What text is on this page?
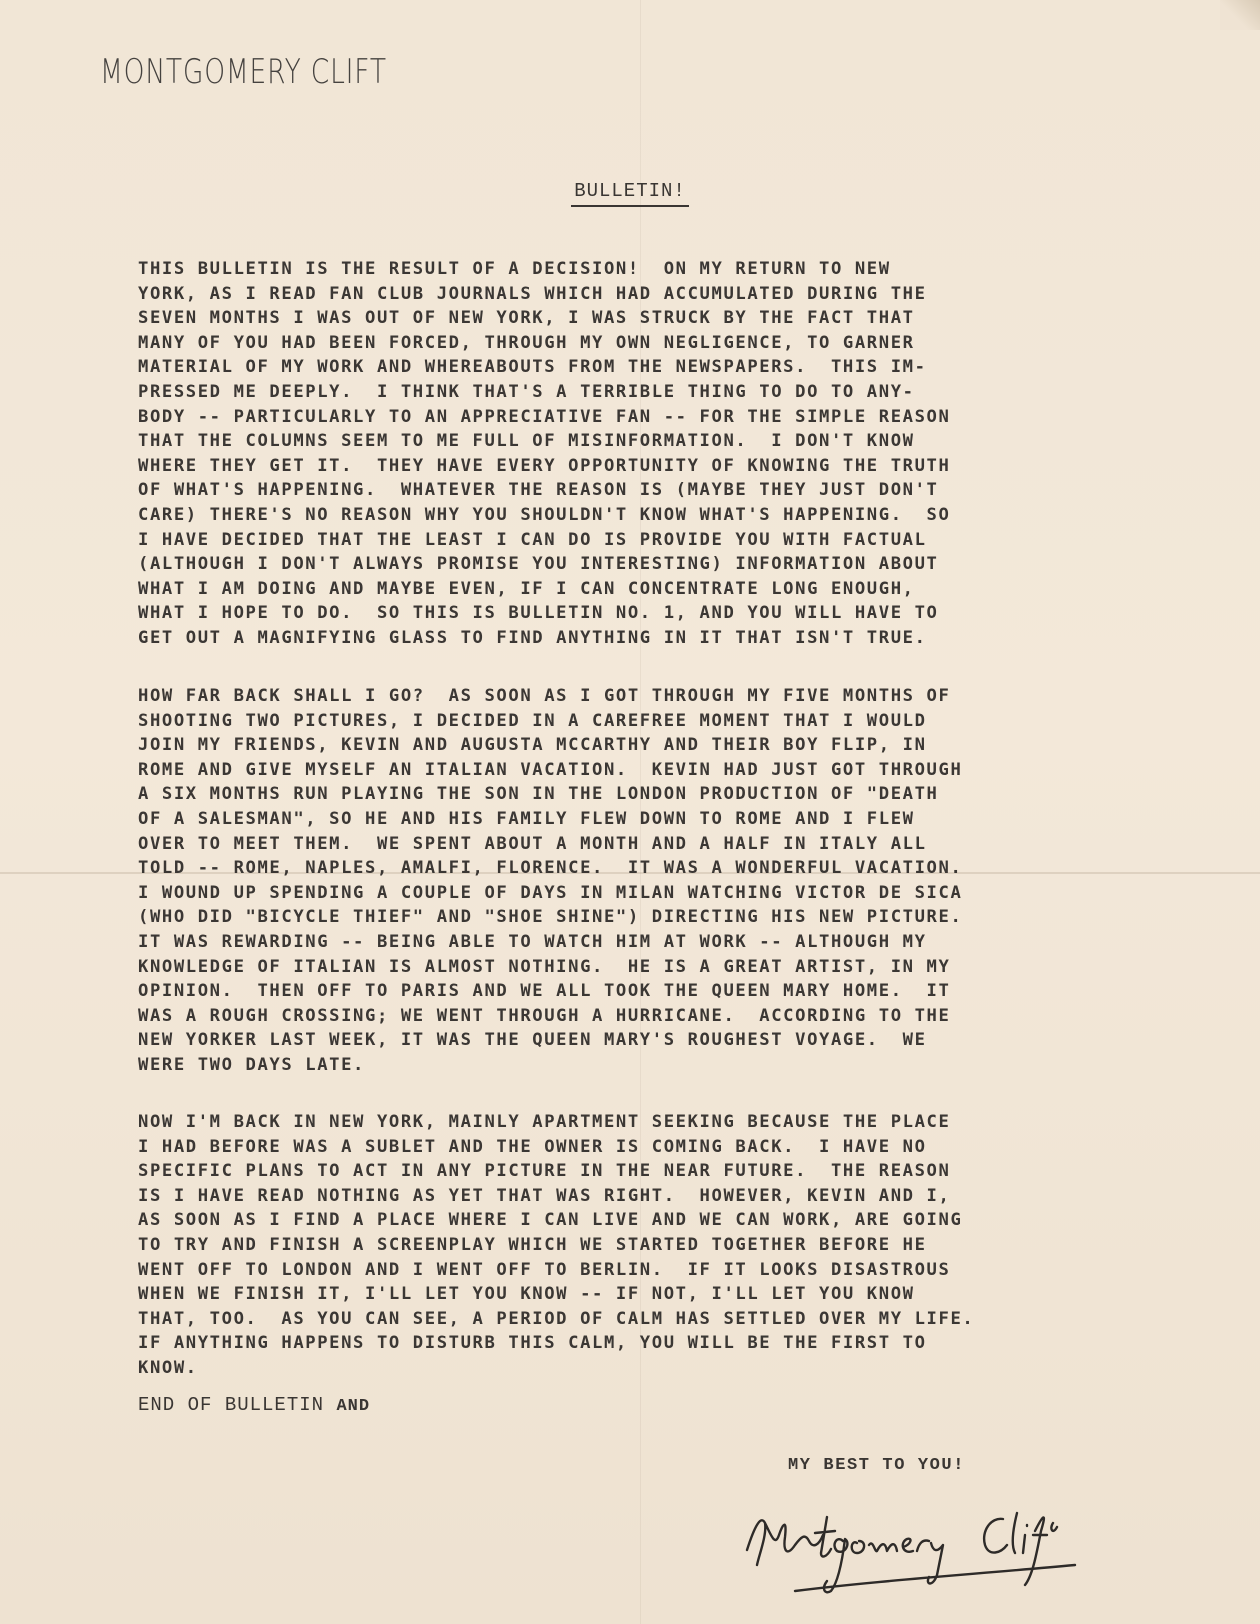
MONTGOMERY CLIFT
BULLETIN!
THIS BULLETIN IS THE RESULT OF A DECISION!  ON MY RETURN TO NEW
YORK, AS I READ FAN CLUB JOURNALS WHICH HAD ACCUMULATED DURING THE
SEVEN MONTHS I WAS OUT OF NEW YORK, I WAS STRUCK BY THE FACT THAT
MANY OF YOU HAD BEEN FORCED, THROUGH MY OWN NEGLIGENCE, TO GARNER
MATERIAL OF MY WORK AND WHEREABOUTS FROM THE NEWSPAPERS.  THIS IM-
PRESSED ME DEEPLY.  I THINK THAT'S A TERRIBLE THING TO DO TO ANY-
BODY -- PARTICULARLY TO AN APPRECIATIVE FAN -- FOR THE SIMPLE REASON
THAT THE COLUMNS SEEM TO ME FULL OF MISINFORMATION.  I DON'T KNOW
WHERE THEY GET IT.  THEY HAVE EVERY OPPORTUNITY OF KNOWING THE TRUTH
OF WHAT'S HAPPENING.  WHATEVER THE REASON IS (MAYBE THEY JUST DON'T
CARE) THERE'S NO REASON WHY YOU SHOULDN'T KNOW WHAT'S HAPPENING.  SO
I HAVE DECIDED THAT THE LEAST I CAN DO IS PROVIDE YOU WITH FACTUAL
(ALTHOUGH I DON'T ALWAYS PROMISE YOU INTERESTING) INFORMATION ABOUT
WHAT I AM DOING AND MAYBE EVEN, IF I CAN CONCENTRATE LONG ENOUGH,
WHAT I HOPE TO DO.  SO THIS IS BULLETIN NO. 1, AND YOU WILL HAVE TO
GET OUT A MAGNIFYING GLASS TO FIND ANYTHING IN IT THAT ISN'T TRUE.
HOW FAR BACK SHALL I GO?  AS SOON AS I GOT THROUGH MY FIVE MONTHS OF
SHOOTING TWO PICTURES, I DECIDED IN A CAREFREE MOMENT THAT I WOULD
JOIN MY FRIENDS, KEVIN AND AUGUSTA MCCARTHY AND THEIR BOY FLIP, IN
ROME AND GIVE MYSELF AN ITALIAN VACATION.  KEVIN HAD JUST GOT THROUGH
A SIX MONTHS RUN PLAYING THE SON IN THE LONDON PRODUCTION OF "DEATH
OF A SALESMAN", SO HE AND HIS FAMILY FLEW DOWN TO ROME AND I FLEW
OVER TO MEET THEM.  WE SPENT ABOUT A MONTH AND A HALF IN ITALY ALL
TOLD -- ROME, NAPLES, AMALFI, FLORENCE.  IT WAS A WONDERFUL VACATION.
I WOUND UP SPENDING A COUPLE OF DAYS IN MILAN WATCHING VICTOR DE SICA
(WHO DID "BICYCLE THIEF" AND "SHOE SHINE") DIRECTING HIS NEW PICTURE.
IT WAS REWARDING -- BEING ABLE TO WATCH HIM AT WORK -- ALTHOUGH MY
KNOWLEDGE OF ITALIAN IS ALMOST NOTHING.  HE IS A GREAT ARTIST, IN MY
OPINION.  THEN OFF TO PARIS AND WE ALL TOOK THE QUEEN MARY HOME.  IT
WAS A ROUGH CROSSING; WE WENT THROUGH A HURRICANE.  ACCORDING TO THE
NEW YORKER LAST WEEK, IT WAS THE QUEEN MARY'S ROUGHEST VOYAGE.  WE
WERE TWO DAYS LATE.
NOW I'M BACK IN NEW YORK, MAINLY APARTMENT SEEKING BECAUSE THE PLACE
I HAD BEFORE WAS A SUBLET AND THE OWNER IS COMING BACK.  I HAVE NO
SPECIFIC PLANS TO ACT IN ANY PICTURE IN THE NEAR FUTURE.  THE REASON
IS I HAVE READ NOTHING AS YET THAT WAS RIGHT.  HOWEVER, KEVIN AND I,
AS SOON AS I FIND A PLACE WHERE I CAN LIVE AND WE CAN WORK, ARE GOING
TO TRY AND FINISH A SCREENPLAY WHICH WE STARTED TOGETHER BEFORE HE
WENT OFF TO LONDON AND I WENT OFF TO BERLIN.  IF IT LOOKS DISASTROUS
WHEN WE FINISH IT, I'LL LET YOU KNOW -- IF NOT, I'LL LET YOU KNOW
THAT, TOO.  AS YOU CAN SEE, A PERIOD OF CALM HAS SETTLED OVER MY LIFE.
IF ANYTHING HAPPENS TO DISTURB THIS CALM, YOU WILL BE THE FIRST TO
KNOW.
END OF BULLETIN AND
MY BEST TO YOU!
